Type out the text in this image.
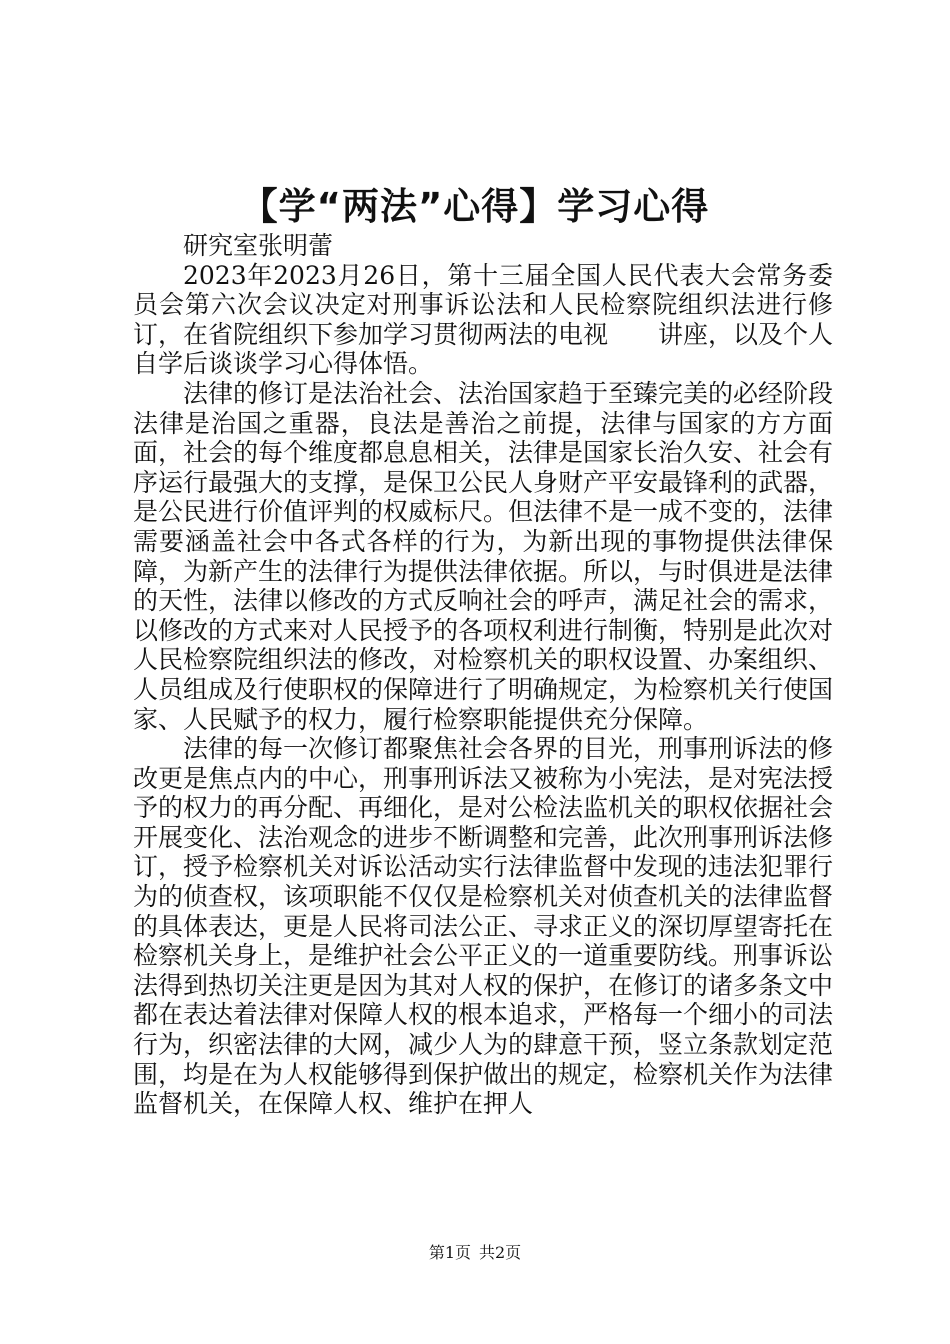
【学“两法”心得】学习心得

研究室张明蕾

2023年2023月26日，第十三届全国人民代表大会常务委员会第六次会议决定对刑事诉讼法和人民检察院组织法进行修订，在省院组织下参加学习贯彻两法的电视　　讲座，以及个人自学后谈谈学习心得体悟。

法律的修订是法治社会、法治国家趋于至臻完美的必经阶段法律是治国之重器，良法是善治之前提，法律与国家的方方面面，社会的每个维度都息息相关，法律是国家长治久安、社会有序运行最强大的支撑，是保卫公民人身财产平安最锋利的武器，是公民进行价值评判的权威标尺。但法律不是一成不变的，法律需要涵盖社会中各式各样的行为，为新出现的事物提供法律保障，为新产生的法律行为提供法律依据。所以，与时俱进是法律的天性，法律以修改的方式反响社会的呼声，满足社会的需求，以修改的方式来对人民授予的各项权利进行制衡，特别是此次对人民检察院组织法的修改，对检察机关的职权设置、办案组织、人员组成及行使职权的保障进行了明确规定，为检察机关行使国家、人民赋予的权力，履行检察职能提供充分保障。

法律的每一次修订都聚焦社会各界的目光，刑事刑诉法的修改更是焦点内的中心，刑事刑诉法又被称为小宪法，是对宪法授予的权力的再分配、再细化，是对公检法监机关的职权依据社会开展变化、法治观念的进步不断调整和完善，此次刑事刑诉法修订，授予检察机关对诉讼活动实行法律监督中发现的违法犯罪行为的侦查权，该项职能不仅仅是检察机关对侦查机关的法律监督的具体表达，更是人民将司法公正、寻求正义的深切厚望寄托在检察机关身上，是维护社会公平正义的一道重要防线。刑事诉讼法得到热切关注更是因为其对人权的保护，在修订的诸多条文中都在表达着法律对保障人权的根本追求，严格每一个细小的司法行为，织密法律的大网，减少人为的肆意干预，竖立条款划定范围，均是在为人权能够得到保护做出的规定，检察机关作为法律监督机关，在保障人权、维护在押人

第1页 共2页
